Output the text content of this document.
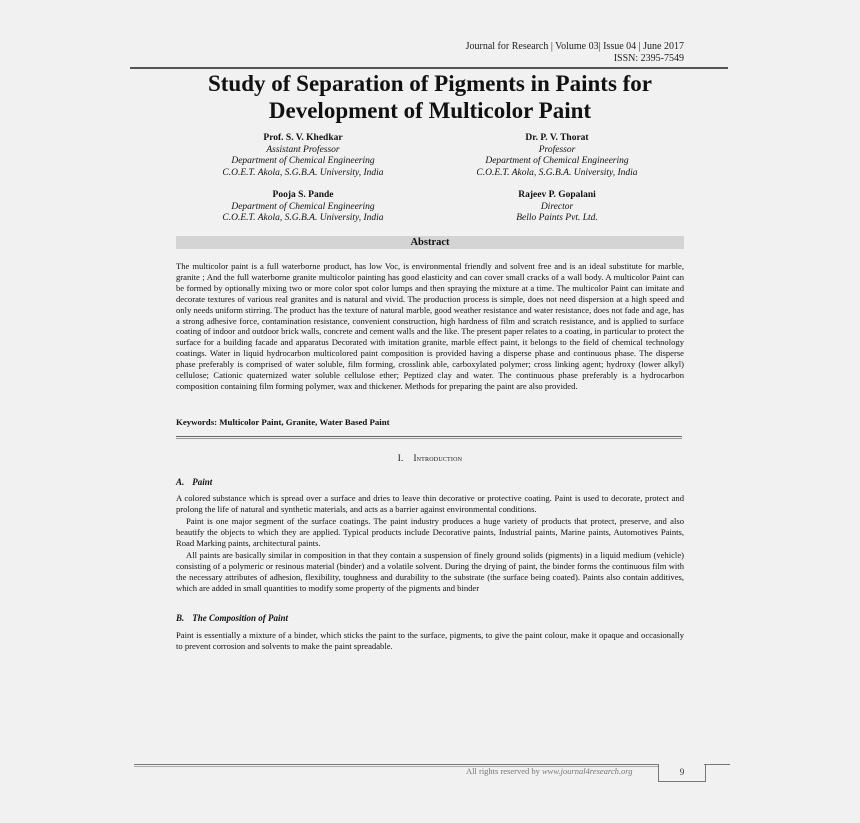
Journal for Research | Volume 03| Issue 04 | June 2017
ISSN: 2395-7549
Study of Separation of Pigments in Paints for
Development of Multicolor Paint
Prof. S. V. Khedkar
Assistant Professor
Department of Chemical Engineering
C.O.E.T. Akola, S.G.B.A. University, India
Dr. P. V. Thorat
Professor
Department of Chemical Engineering
C.O.E.T. Akola, S.G.B.A. University, India
Pooja S. Pande
Department of Chemical Engineering
C.O.E.T. Akola, S.G.B.A. University, India
Rajeev P. Gopalani
Director
Bello Paints Pvt. Ltd.
Abstract

The multicolor paint is a full waterborne product, has low Voc, is environmental friendly and solvent free and is an ideal substitute for marble, granite ; And the full waterborne granite multicolor painting has good elasticity and can cover small cracks of a wall body. A multicolor Paint can be formed by optionally mixing two or more color spot color lumps and then spraying the mixture at a time. The multicolor Paint can imitate and decorate textures of various real granites and is natural and vivid. The production process is simple, does not need dispersion at a high speed and only needs uniform stirring. The product has the texture of natural marble, good weather resistance and water resistance, does not fade and age, has a strong adhesive force, contamination resistance, convenient construction, high hardness of film and scratch resistance, and is applied to surface coating of indoor and outdoor brick walls, concrete and cement walls and the like. The present paper relates to a coating, in particular to protect the surface for a building facade and apparatus Decorated with imitation granite, marble effect paint, it belongs to the field of chemical technology coatings. Water in liquid hydrocarbon multicolored paint composition is provided having a disperse phase and continuous phase. The disperse phase preferably is comprised of water soluble, film forming, crosslink able, carboxylated polymer; cross linking agent; hydroxy (lower alkyl) cellulose; Cationic quaternized water soluble cellulose ether; Peptized clay and water. The continuous phase preferably is a hydrocarbon composition containing film forming polymer, wax and thickener. Methods for preparing the paint are also provided.

Keywords: Multicolor Paint, Granite, Water Based Paint

I. Introduction
A. Paint

A colored substance which is spread over a surface and dries to leave thin decorative or protective coating. Paint is used to decorate, protect and prolong the life of natural and synthetic materials, and acts as a barrier against environmental conditions.

Paint is one major segment of the surface coatings. The paint industry produces a huge variety of products that protect, preserve, and also beautify the objects to which they are applied. Typical products include Decorative paints, Industrial paints, Marine paints, Automotives Paints, Road Marking paints, architectural paints.

All paints are basically similar in composition in that they contain a suspension of finely ground solids (pigments) in a liquid medium (vehicle) consisting of a polymeric or resinous material (binder) and a volatile solvent. During the drying of paint, the binder forms the continuous film with the necessary attributes of adhesion, flexibility, toughness and durability to the substrate (the surface being coated). Paints also contain additives, which are added in small quantities to modify some property of the pigments and binder

B. The Composition of Paint

Paint is essentially a mixture of a binder, which sticks the paint to the surface, pigments, to give the paint colour, make it opaque and occasionally to prevent corrosion and solvents to make the paint spreadable.

All rights reserved by www.journal4research.org	9
